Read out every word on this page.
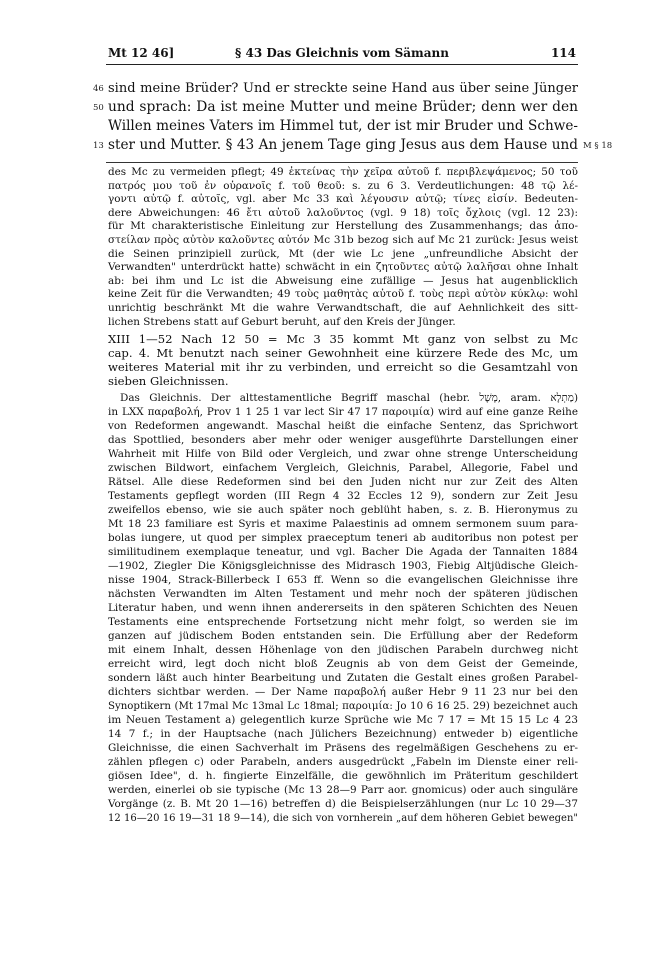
Mt 12 46]	§ 43 Das Gleichnis vom Sämann	114
46
50
13	M § 18
sind meine Brüder? Und er streckte seine Hand aus über seine Jünger
und sprach: Da ist meine Mutter und meine Brüder; denn wer den
Willen meines Vaters im Himmel tut, der ist mir Bruder und Schwe-
ster und Mutter. § 43 An jenem Tage ging Jesus aus dem Hause und
des Mc zu vermeiden pflegt; 49 ἐκτείνας τὴν χεῖρα αὐτοῦ f. περιβλεψάμενος; 50 τοῦ
πατρός μου τοῦ ἐν οὐρανοῖς f. τοῦ θεοῦ: s. zu 6 3. Verdeutlichungen: 48 τῷ λέ-
γοντι αὐτῷ f. αὐτοῖς, vgl. aber Mc 33 καὶ λέγουσιν αὐτῷ; τίνες εἰσίν. Bedeuten-
dere Abweichungen: 46 ἔτι αὐτοῦ λαλοῦντος (vgl. 9 18) τοῖς ὄχλοις (vgl. 12 23):
für Mt charakteristische Einleitung zur Herstellung des Zusammenhangs; das ἀπο-
στείλαν πρὸς αὐτὸν καλοῦντες αὐτόν Mc 31b bezog sich auf Mc 21 zurück: Jesus weist
die Seinen prinzipiell zurück, Mt (der wie Lc jene „unfreundliche Absicht der
Verwandten" unterdrückt hatte) schwächt in ein ζητοῦντες αὐτῷ λαλῆσαι ohne Inhalt
ab: bei ihm und Lc ist die Abweisung eine zufällige — Jesus hat augenblicklich
keine Zeit für die Verwandten; 49 τοὺς μαθητὰς αὐτοῦ f. τοὺς περὶ αὐτὸν κύκλῳ: wohl
unrichtig beschränkt Mt die wahre Verwandtschaft, die auf Aehnlichkeit des sitt-
lichen Strebens statt auf Geburt beruht, auf den Kreis der Jünger.
XIII 1—52 Nach 12 50 = Mc 3 35 kommt Mt ganz von selbst zu Mc
cap. 4. Mt benutzt nach seiner Gewohnheit eine kürzere Rede des Mc, um
weiteres Material mit ihr zu verbinden, und erreicht so die Gesamtzahl von
sieben Gleichnissen.
Das Gleichnis. Der alttestamentliche Begriff maschal (hebr. מָשָׁל, aram. מַתְלָא)
in LXX παραβολή, Prov 1 1 25 1 var lect Sir 47 17 παροιμία) wird auf eine ganze Reihe
von Redeformen angewandt. Maschal heißt die einfache Sentenz, das Sprichwort
das Spottlied, besonders aber mehr oder weniger ausgeführte Darstellungen einer
Wahrheit mit Hilfe von Bild oder Vergleich, und zwar ohne strenge Unterscheidung
zwischen Bildwort, einfachem Vergleich, Gleichnis, Parabel, Allegorie, Fabel und
Rätsel. Alle diese Redeformen sind bei den Juden nicht nur zur Zeit des Alten
Testaments gepflegt worden (III Regn 4 32 Eccles 12 9), sondern zur Zeit Jesu
zweifellos ebenso, wie sie auch später noch geblüht haben, s. z. B. Hieronymus zu
Mt 18 23 familiare est Syris et maxime Palaestinis ad omnem sermonem suum para-
bolas iungere, ut quod per simplex praeceptum teneri ab auditoribus non potest per
similitudinem exemplaque teneatur, und vgl. Bacher Die Agada der Tannaiten 1884
—1902, Ziegler Die Königsgleichnisse des Midrasch 1903, Fiebig Altjüdische Gleich-
nisse 1904, Strack-Billerbeck I 653 ff. Wenn so die evangelischen Gleichnisse ihre
nächsten Verwandten im Alten Testament und mehr noch der späteren jüdischen
Literatur haben, und wenn ihnen andererseits in den späteren Schichten des Neuen
Testaments eine entsprechende Fortsetzung nicht mehr folgt, so werden sie im
ganzen auf jüdischem Boden entstanden sein. Die Erfüllung aber der Redeform
mit einem Inhalt, dessen Höhenlage von den jüdischen Parabeln durchweg nicht
erreicht wird, legt doch nicht bloß Zeugnis ab von dem Geist der Gemeinde,
sondern läßt auch hinter Bearbeitung und Zutaten die Gestalt eines großen Parabel-
dichters sichtbar werden. — Der Name παραβολή außer Hebr 9 11 23 nur bei den
Synoptikern (Mt 17mal Mc 13mal Lc 18mal; παροιμία: Jo 10 6 16 25. 29) bezeichnet auch
im Neuen Testament a) gelegentlich kurze Sprüche wie Mc 7 17 = Mt 15 15 Lc 4 23
14 7 f.; in der Hauptsache (nach Jülichers Bezeichnung) entweder b) eigentliche
Gleichnisse, die einen Sachverhalt im Präsens des regelmäßigen Geschehens zu er-
zählen pflegen c) oder Parabeln, anders ausgedrückt „Fabeln im Dienste einer reli-
giösen Idee", d. h. fingierte Einzelfälle, die gewöhnlich im Präteritum geschildert
werden, einerlei ob sie typische (Mc 13 28—9 Parr aor. gnomicus) oder auch singuläre
Vorgänge (z. B. Mt 20 1—16) betreffen d) die Beispielserzählungen (nur Lc 10 29—37
12 16—20 16 19—31 18 9—14), die sich von vornherein „auf dem höheren Gebiet bewegen"
